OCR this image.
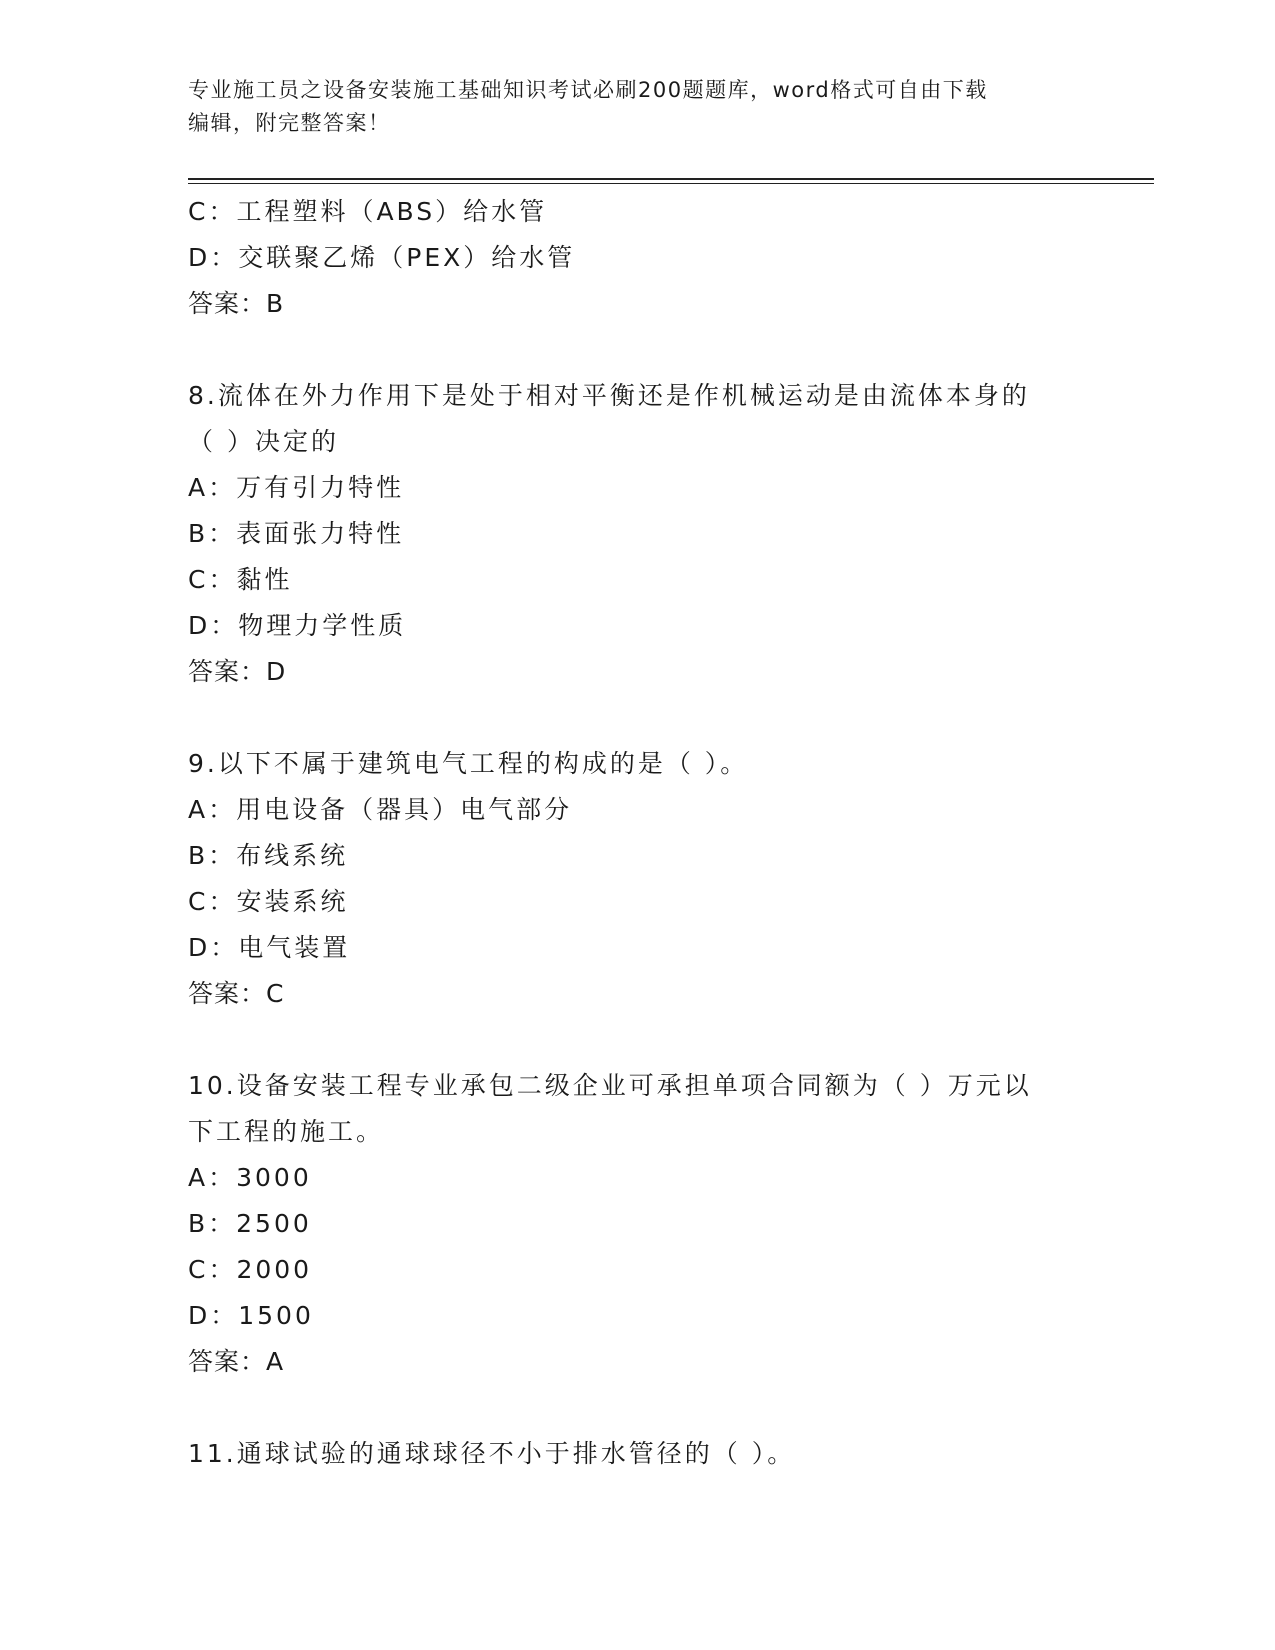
专业施工员之设备安装施工基础知识考试必刷200题题库，word格式可自由下载
编辑，附完整答案！
C：工程塑料（ABS）给水管
D：交联聚乙烯（PEX）给水管
答案：B
8.流体在外力作用下是处于相对平衡还是作机械运动是由流体本身的
（ ）决定的
A：万有引力特性
B：表面张力特性
C：黏性
D：物理力学性质
答案：D
9.以下不属于建筑电气工程的构成的是（ ）。
A：用电设备（器具）电气部分
B：布线系统
C：安装系统
D：电气装置
答案：C
10.设备安装工程专业承包二级企业可承担单项合同额为（ ）万元以
下工程的施工。
A：3000
B：2500
C：2000
D：1500
答案：A
11.通球试验的通球球径不小于排水管径的（ ）。
